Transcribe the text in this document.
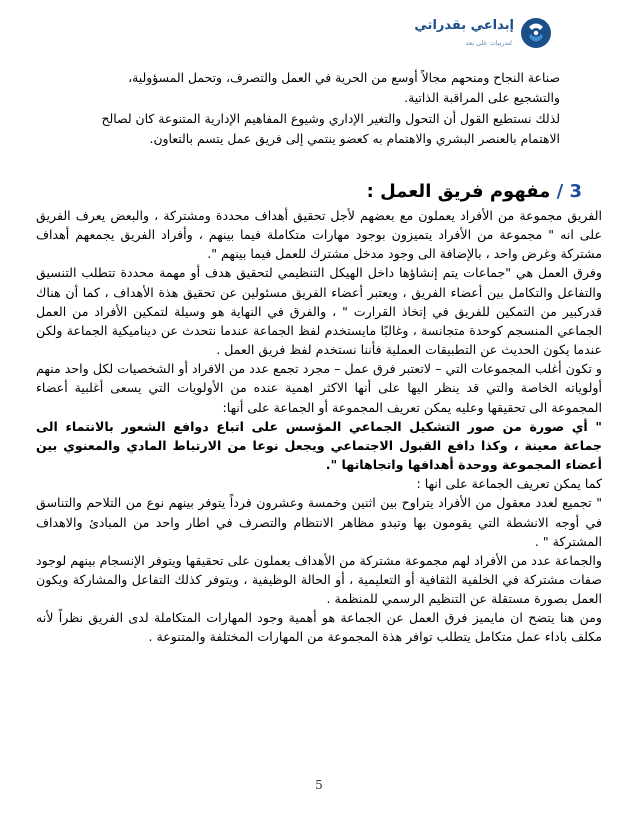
إبداعي بقدراتي
لتدريبات على بعد

صناعة النجاح ومنحهم مجالاً أوسع من الحرية في العمل والتصرف، وتحمل المسؤولية، والتشجيع على المراقبة الذاتية.

لذلك نستطيع القول أن التحول والتغير الإداري وشيوع المفاهيم الإدارية المتنوعة كان لصالح الاهتمام بالعنصر البشري والاهتمام به كعضو ينتمي إلى فريق عمل يتسم بالتعاون.

3 / مفهوم فريق العمل :

الفريق مجموعة من الأفراد يعملون مع بعضهم لأجل تحقيق أهداف محددة ومشتركة ، والبعض يعرف الفريق على انه " مجموعة من الأفراد يتميزون بوجود مهارات متكاملة فيما بينهم ، وأفراد الفريق يجمعهم أهداف مشتركة وغرض واحد ، بالإضافة الى وجود مدخل مشترك للعمل فيما بينهم ".

وفرق العمل هي "جماعات يتم إنشاؤها داخل الهيكل التنظيمي لتحقيق هدف أو مهمة محددة تتطلب التنسيق والتفاعل والتكامل بين أعضاء الفريق ، ويعتبر أعضاء الفريق مسئولين عن تحقيق هذة الأهداف ، كما أن هناك قدركبير من التمكين للفريق في إتخاذ القرارت " ، والفرق في النهاية هو وسيلة لتمكين الأفراد من العمل الجماعي المنسجم كوحدة متجانسة ، وغالبًا مايستخدم لفظ الجماعة عندما نتحدث عن ديناميكية الجماعة ولكن عندما يكون الحديث عن التطبيقات العملية فأننا نستخدم لفظ فريق العمل .

و تكون أغلب المجموعات التي – لاتعتبر فرق عمل – مجرد تجمع عدد من الافراد أو الشخصيات لكل واحد منهم أولوياته الخاصة والتي قد ينظر اليها على أنها الاكثر اهمية عنده من الأولويات التي يسعى أغلبية أعضاء المجموعة الى تحقيقها وعليه يمكن تعريف المجموعة أو الجماعة على أنها:

" أي صورة من صور التشكيل الجماعي المؤسس على اتباع دوافع الشعور بالانتماء الى جماعة معينة ، وكذا دافع القبول الاجتماعي ويجعل نوعا من الارتباط المادي والمعنوي بين أعضاء المجموعة ووحدة أهدافها واتجاهاتها ".

كما يمكن تعريف الجماعة على انها :

" تجميع لعدد معقول من الأفراد يتراوح بين اثنين وخمسة وعشرون فرداً يتوفر بينهم نوع من التلاحم والتناسق في أوجه الانشطة التي يقومون بها وتبدو مظاهر الانتظام والتصرف في اطار واحد من المبادئ والاهداف المشتركة " .

والجماعة عدد من الأفراد لهم مجموعة مشتركة من الأهداف يعملون على تحقيقها ويتوفر الإنسجام بينهم لوجود صفات مشتركة في الخلفية الثقافية أو التعليمية ، أو الحالة الوظيفية ، ويتوفر كذلك التفاعل والمشاركة ويكون العمل بصورة مستقلة عن التنظيم الرسمي للمنظمة .

ومن هنا يتضح ان مايميز فرق العمل عن الجماعة هو أهمية وجود المهارات المتكاملة لدى الفريق نظراً لأنه مكلف باداء عمل متكامل يتطلب توافر هذة المجموعة من المهارات المختلفة والمتنوعة .

5
